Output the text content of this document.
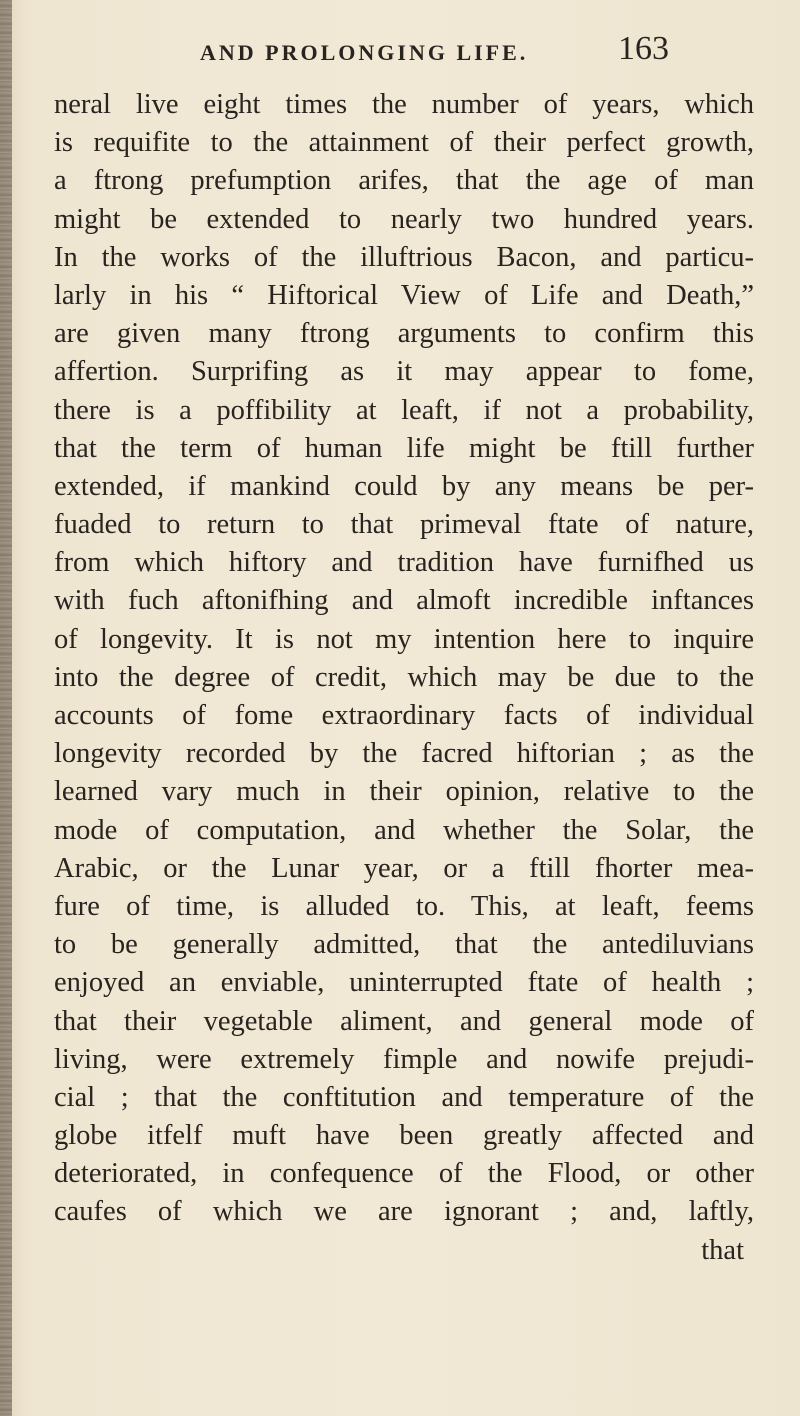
AND PROLONGING LIFE.	163
neral live eight times the number of years, which
is requifite to the attainment of their perfect growth,
a ftrong prefumption arifes, that the age of man
might be extended to nearly two hundred years.
In the works of the illuftrious Bacon, and particu-
larly in his “ Hiftorical View of Life and Death,”
are given many ftrong arguments to confirm this
affertion. Surprifing as it may appear to fome,
there is a poffibility at leaft, if not a probability,
that the term of human life might be ftill further
extended, if mankind could by any means be per-
fuaded to return to that primeval ftate of nature,
from which hiftory and tradition have furnifhed us
with fuch aftonifhing and almoft incredible inftances
of longevity. It is not my intention here to inquire
into the degree of credit, which may be due to the
accounts of fome extraordinary facts of individual
longevity recorded by the facred hiftorian ; as the
learned vary much in their opinion, relative to the
mode of computation, and whether the Solar, the
Arabic, or the Lunar year, or a ftill fhorter mea-
fure of time, is alluded to. This, at leaft, feems
to be generally admitted, that the antediluvians
enjoyed an enviable, uninterrupted ftate of health ;
that their vegetable aliment, and general mode of
living, were extremely fimple and nowife prejudi-
cial ; that the conftitution and temperature of the
globe itfelf muft have been greatly affected and
deteriorated, in confequence of the Flood, or other
caufes of which we are ignorant ; and, laftly,
that
